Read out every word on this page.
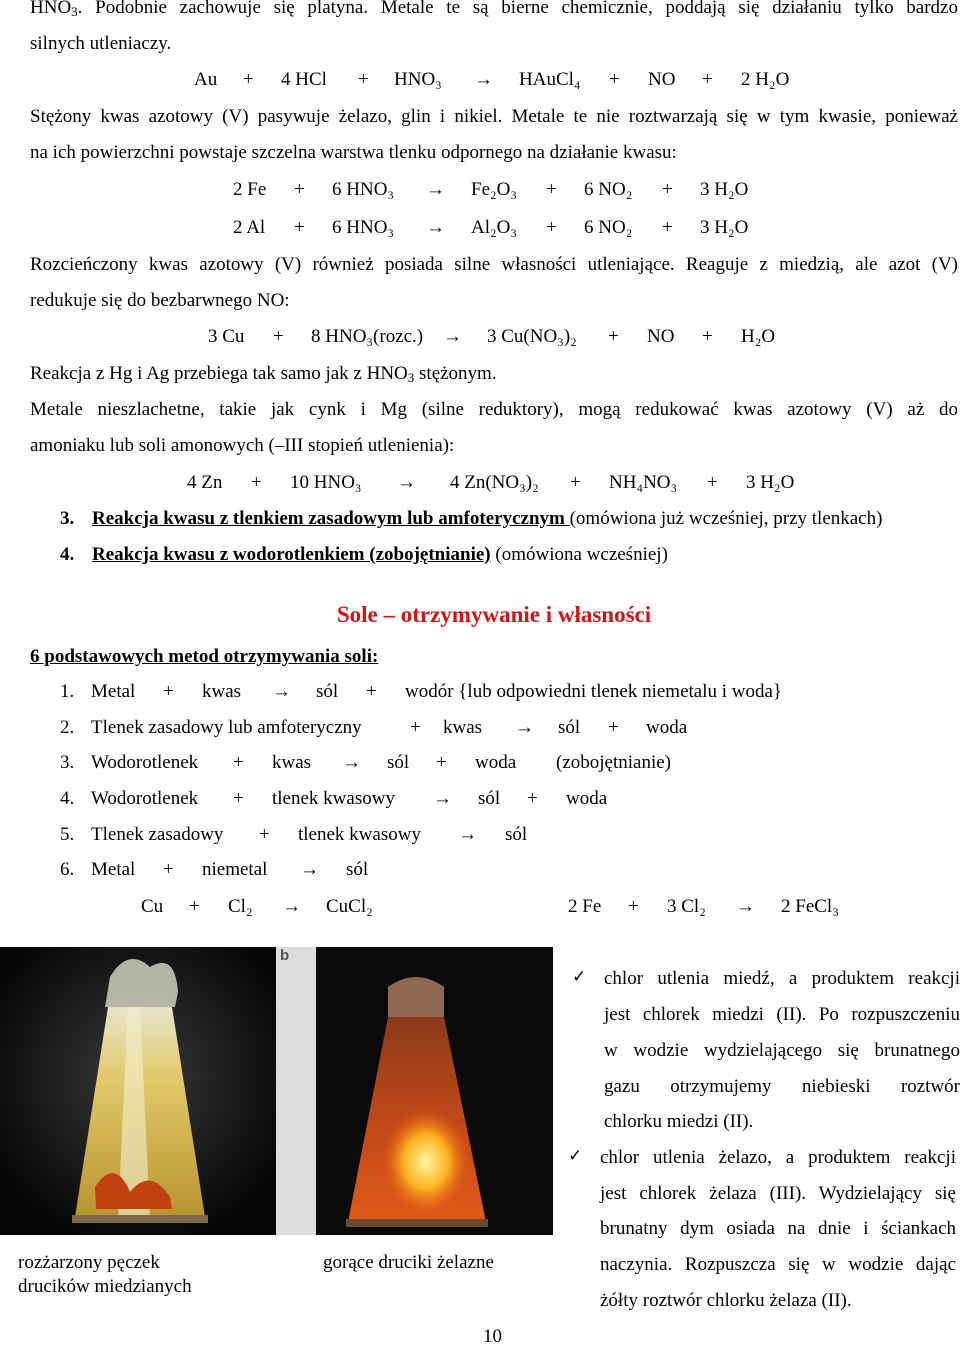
$HNO_3$. Podobnie zachowuje się platyna. Metale te są bierne chemicznie, poddają się działaniu tylko bardzo
silnych utleniaczy.
Au + 4 HCl + HNO₃ → HAuCl₄ + NO + 2 H₂O
Stężony kwas azotowy (V) pasywuje żelazo, glin i nikiel. Metale te nie roztwarzają się w tym kwasie, ponieważ
na ich powierzchni powstaje szczelna warstwa tlenku odpornego na działanie kwasu:
2 Fe + 6 HNO₃ → Fe₂O₃ + 6 NO₂ + 3 H₂O
2 Al + 6 HNO₃ → Al₂O₃ + 6 NO₂ + 3 H₂O
Rozcieńczony kwas azotowy (V) również posiada silne własności utleniające. Reaguje z miedzią, ale azot (V)
redukuje się do bezbarwnego NO:
3 Cu + 8 HNO₃(rozc.) → 3 Cu(NO₃)₂ + NO + H₂O
Reakcja z Hg i Ag przebiega tak samo jak z $HNO_3$ stężonym.
Metale nieszlachetne, takie jak cynk i Mg (silne reduktory), mogą redukować kwas azotowy (V) aż do
amoniaku lub soli amonowych (–III stopień utlenienia):
4 Zn + 10 HNO₃ → 4 Zn(NO₃)₂ + NH₄NO₃ + 3 H₂O
3. Reakcja kwasu z tlenkiem zasadowym lub amfoterycznym (omówiona już wcześniej, przy tlenkach)
4. Reakcja kwasu z wodorotlenkiem (zobojętnianie) (omówiona wcześniej)
Sole – otrzymywanie i własności
6 podstawowych metod otrzymywania soli:
1. Metal + kwas → sól + wodór {lub odpowiedni tlenek niemetalu i woda}
2. Tlenek zasadowy lub amfoteryczny	+ kwas → sól + woda
3. Wodorotlenek + kwas → sól + woda (zobojętnianie)
4. Wodorotlenek + tlenek kwasowy → sól + woda
5. Tlenek zasadowy + tlenek kwasowy → sól
6. Metal + niemetal → sól
Cu + Cl₂ → CuCl₂	2 Fe + 3 Cl₂ → 2 FeCl₃
b
rozżarzony pęczek
drucików miedzianych
gorące druciki żelazne
✓ chlor utlenia miedź, a produktem reakcji
jest chlorek miedzi (II). Po rozpuszczeniu
w wodzie wydzielającego się brunatnego
gazu otrzymujemy niebieski roztwór
chlorku miedzi (II).
✓ chlor utlenia żelazo, a produktem reakcji
jest chlorek żelaza (III). Wydzielający się
brunatny dym osiada na dnie i ściankach
naczynia. Rozpuszcza się w wodzie dając
żółty roztwór chlorku żelaza (II).
10
